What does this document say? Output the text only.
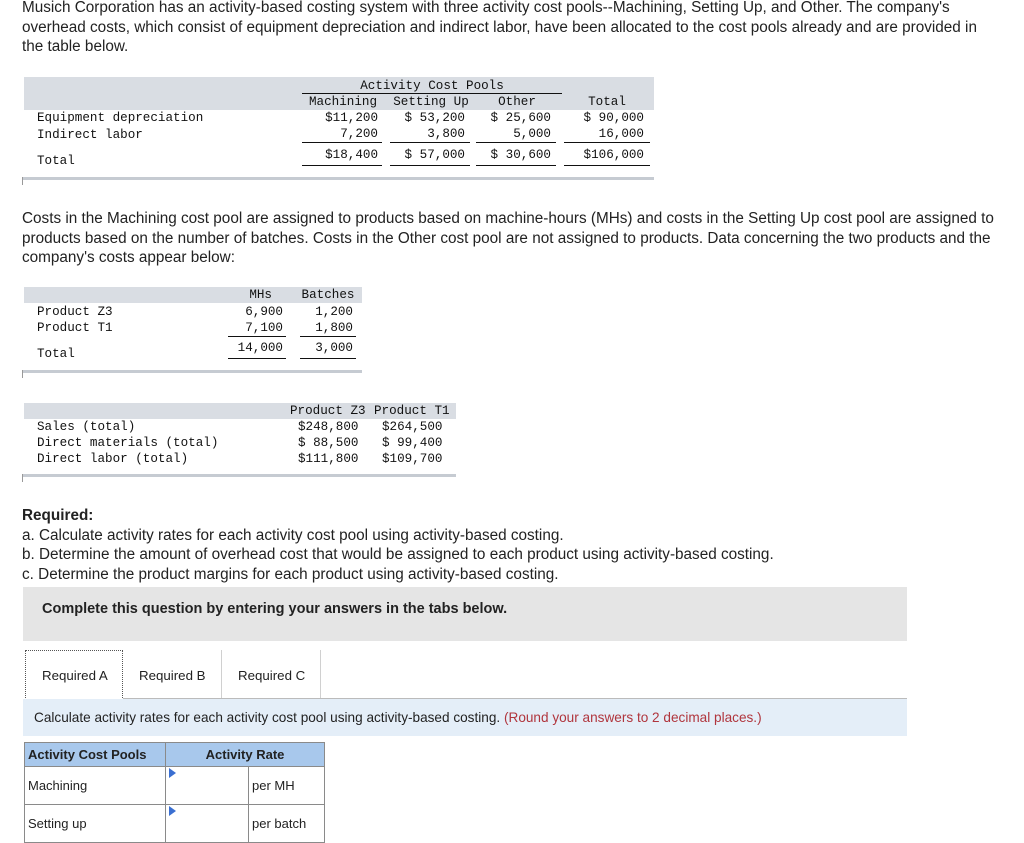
Musich Corporation has an activity-based costing system with three activity cost pools--Machining, Setting Up, and Other. The company's overhead costs, which consist of equipment depreciation and indirect labor, have been allocated to the cost pools already and are provided in the table below.

Activity Cost Pools
Machining	Setting Up	Other	Total
Equipment depreciation	$11,200	$ 53,200	$ 25,600	$ 90,000
Indirect labor	7,200	3,800	5,000	16,000
Total	$18,400	$ 57,000	$ 30,600	$106,000

Costs in the Machining cost pool are assigned to products based on machine-hours (MHs) and costs in the Setting Up cost pool are assigned to products based on the number of batches. Costs in the Other cost pool are not assigned to products. Data concerning the two products and the company's costs appear below:

MHs	Batches
Product Z3	6,900	1,200
Product T1	7,100	1,800
Total	14,000	3,000
Product Z3 Product T1
Sales (total)	$248,800 $264,500
Direct materials (total)	$ 88,500 $ 99,400
Direct labor (total)	$111,800 $109,700
Required:
a. Calculate activity rates for each activity cost pool using activity-based costing.
b. Determine the amount of overhead cost that would be assigned to each product using activity-based costing.
c. Determine the product margins for each product using activity-based costing.
Complete this question by entering your answers in the tabs below.
Required A	Required B	Required C
Calculate activity rates for each activity cost pool using activity-based costing. (Round your answers to 2 decimal places.)
Activity Cost Pools	Activity Rate	
Machining		per MH
Setting up		per batch
